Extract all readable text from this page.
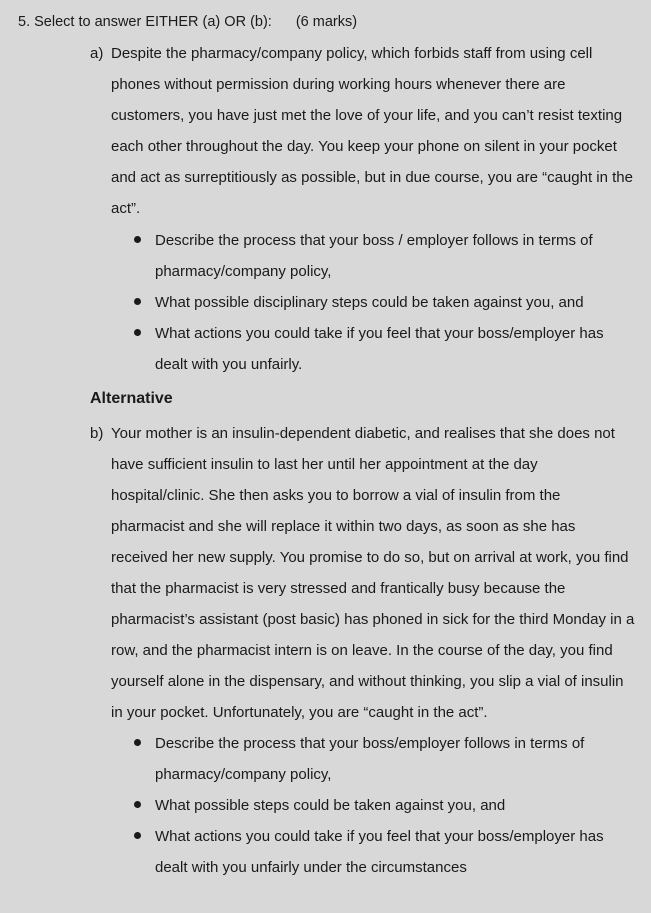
5. Select to answer EITHER (a) OR (b): (6 marks)
a) Despite the pharmacy/company policy, which forbids staff from using cell phones without permission during working hours whenever there are customers, you have just met the love of your life, and you can’t resist texting each other throughout the day. You keep your phone on silent in your pocket and act as surreptitiously as possible, but in due course, you are “caught in the act”.
Describe the process that your boss / employer follows in terms of pharmacy/company policy,
What possible disciplinary steps could be taken against you, and
What actions you could take if you feel that your boss/employer has dealt with you unfairly.
Alternative
b) Your mother is an insulin-dependent diabetic, and realises that she does not have sufficient insulin to last her until her appointment at the day hospital/clinic. She then asks you to borrow a vial of insulin from the pharmacist and she will replace it within two days, as soon as she has received her new supply. You promise to do so, but on arrival at work, you find that the pharmacist is very stressed and frantically busy because the pharmacist’s assistant (post basic) has phoned in sick for the third Monday in a row, and the pharmacist intern is on leave. In the course of the day, you find yourself alone in the dispensary, and without thinking, you slip a vial of insulin in your pocket. Unfortunately, you are “caught in the act”.
Describe the process that your boss/employer follows in terms of pharmacy/company policy,
What possible steps could be taken against you, and
What actions you could take if you feel that your boss/employer has dealt with you unfairly under the circumstances
